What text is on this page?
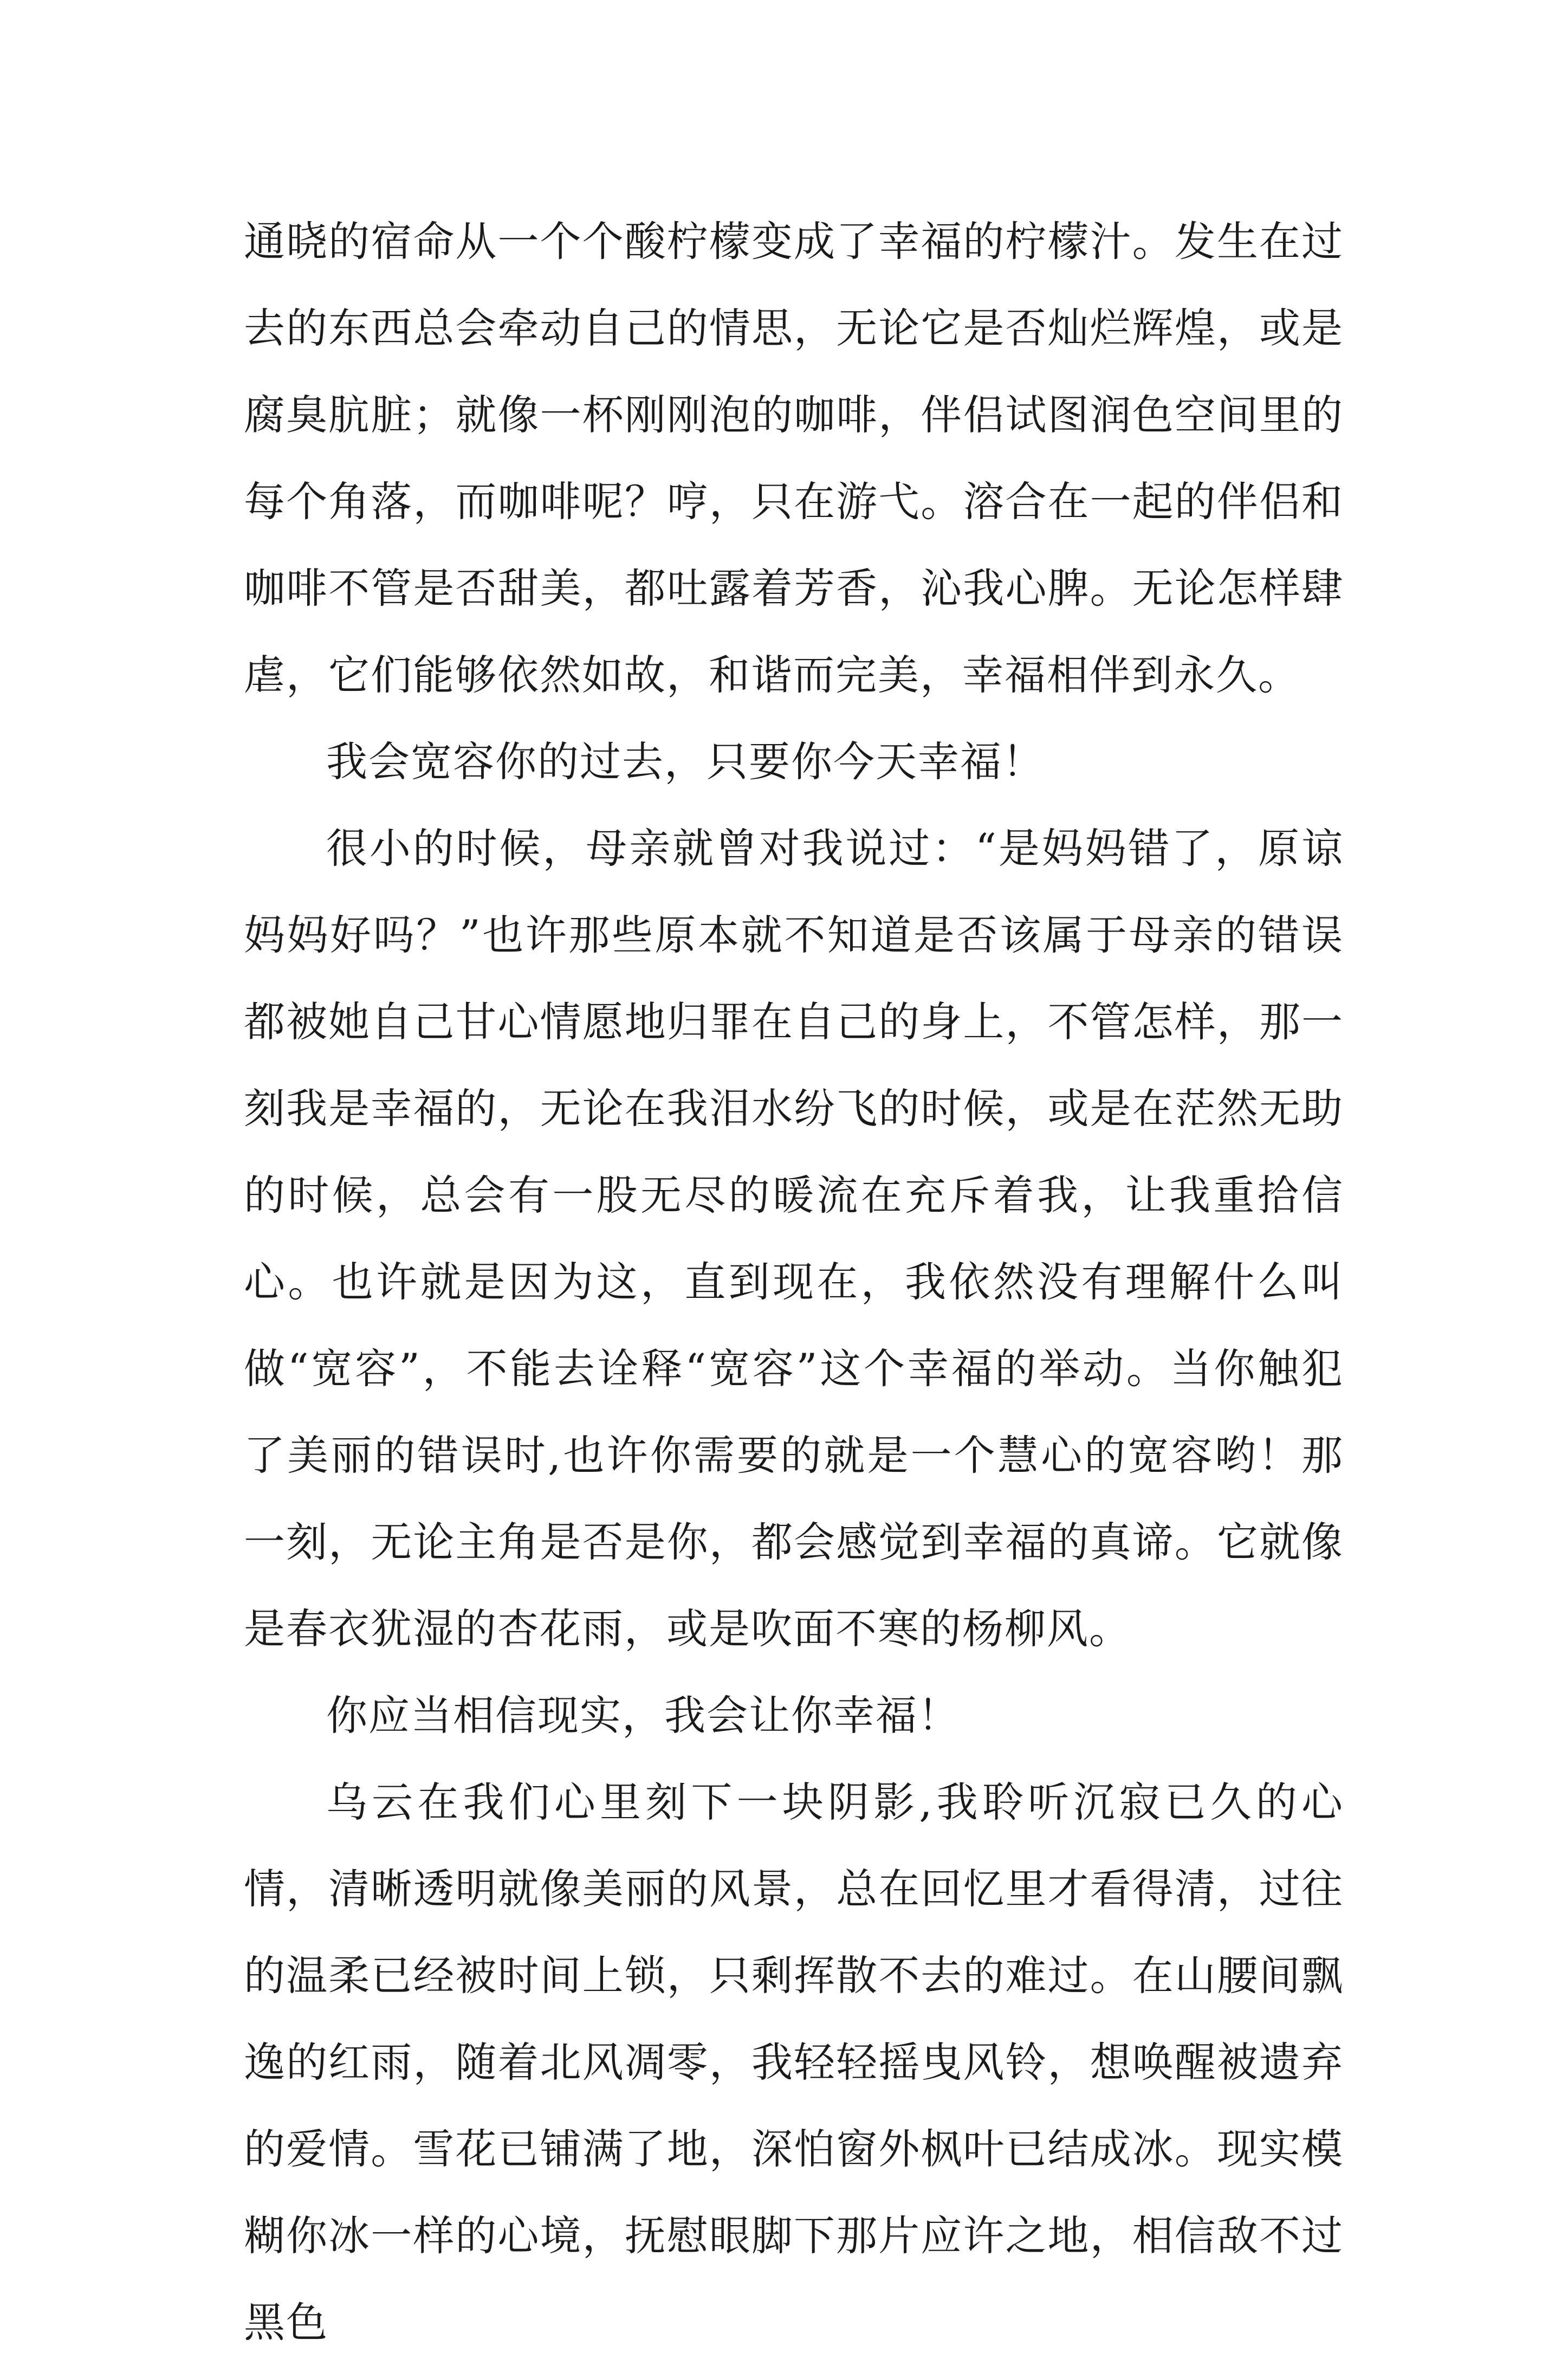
通晓的宿命从一个个酸柠檬变成了幸福的柠檬汁。发生在过去的东西总会牵动自己的情思，无论它是否灿烂辉煌，或是腐臭肮脏；就像一杯刚刚泡的咖啡，伴侣试图润色空间里的每个角落，而咖啡呢？哼，只在游弋。溶合在一起的伴侣和咖啡不管是否甜美，都吐露着芳香，沁我心脾。无论怎样肆虐，它们能够依然如故，和谐而完美，幸福相伴到永久。

我会宽容你的过去，只要你今天幸福！

很小的时候，母亲就曾对我说过：“是妈妈错了，原谅妈妈好吗？”也许那些原本就不知道是否该属于母亲的错误都被她自己甘心情愿地归罪在自己的身上，不管怎样，那一刻我是幸福的，无论在我泪水纷飞的时候，或是在茫然无助的时候，总会有一股无尽的暖流在充斥着我，让我重拾信心。也许就是因为这，直到现在，我依然没有理解什么叫做“宽容”，不能去诠释“宽容”这个幸福的举动。当你触犯了美丽的错误时,也许你需要的就是一个慧心的宽容哟！那一刻，无论主角是否是你，都会感觉到幸福的真谛。它就像是春衣犹湿的杏花雨，或是吹面不寒的杨柳风。

你应当相信现实，我会让你幸福！

乌云在我们心里刻下一块阴影,我聆听沉寂已久的心情，清晰透明就像美丽的风景，总在回忆里才看得清，过往的温柔已经被时间上锁，只剩挥散不去的难过。在山腰间飘逸的红雨，随着北风凋零，我轻轻摇曳风铃，想唤醒被遗弃的爱情。雪花已铺满了地，深怕窗外枫叶已结成冰。现实模糊你冰一样的心境，抚慰眼脚下那片应许之地，相信敌不过黑色
